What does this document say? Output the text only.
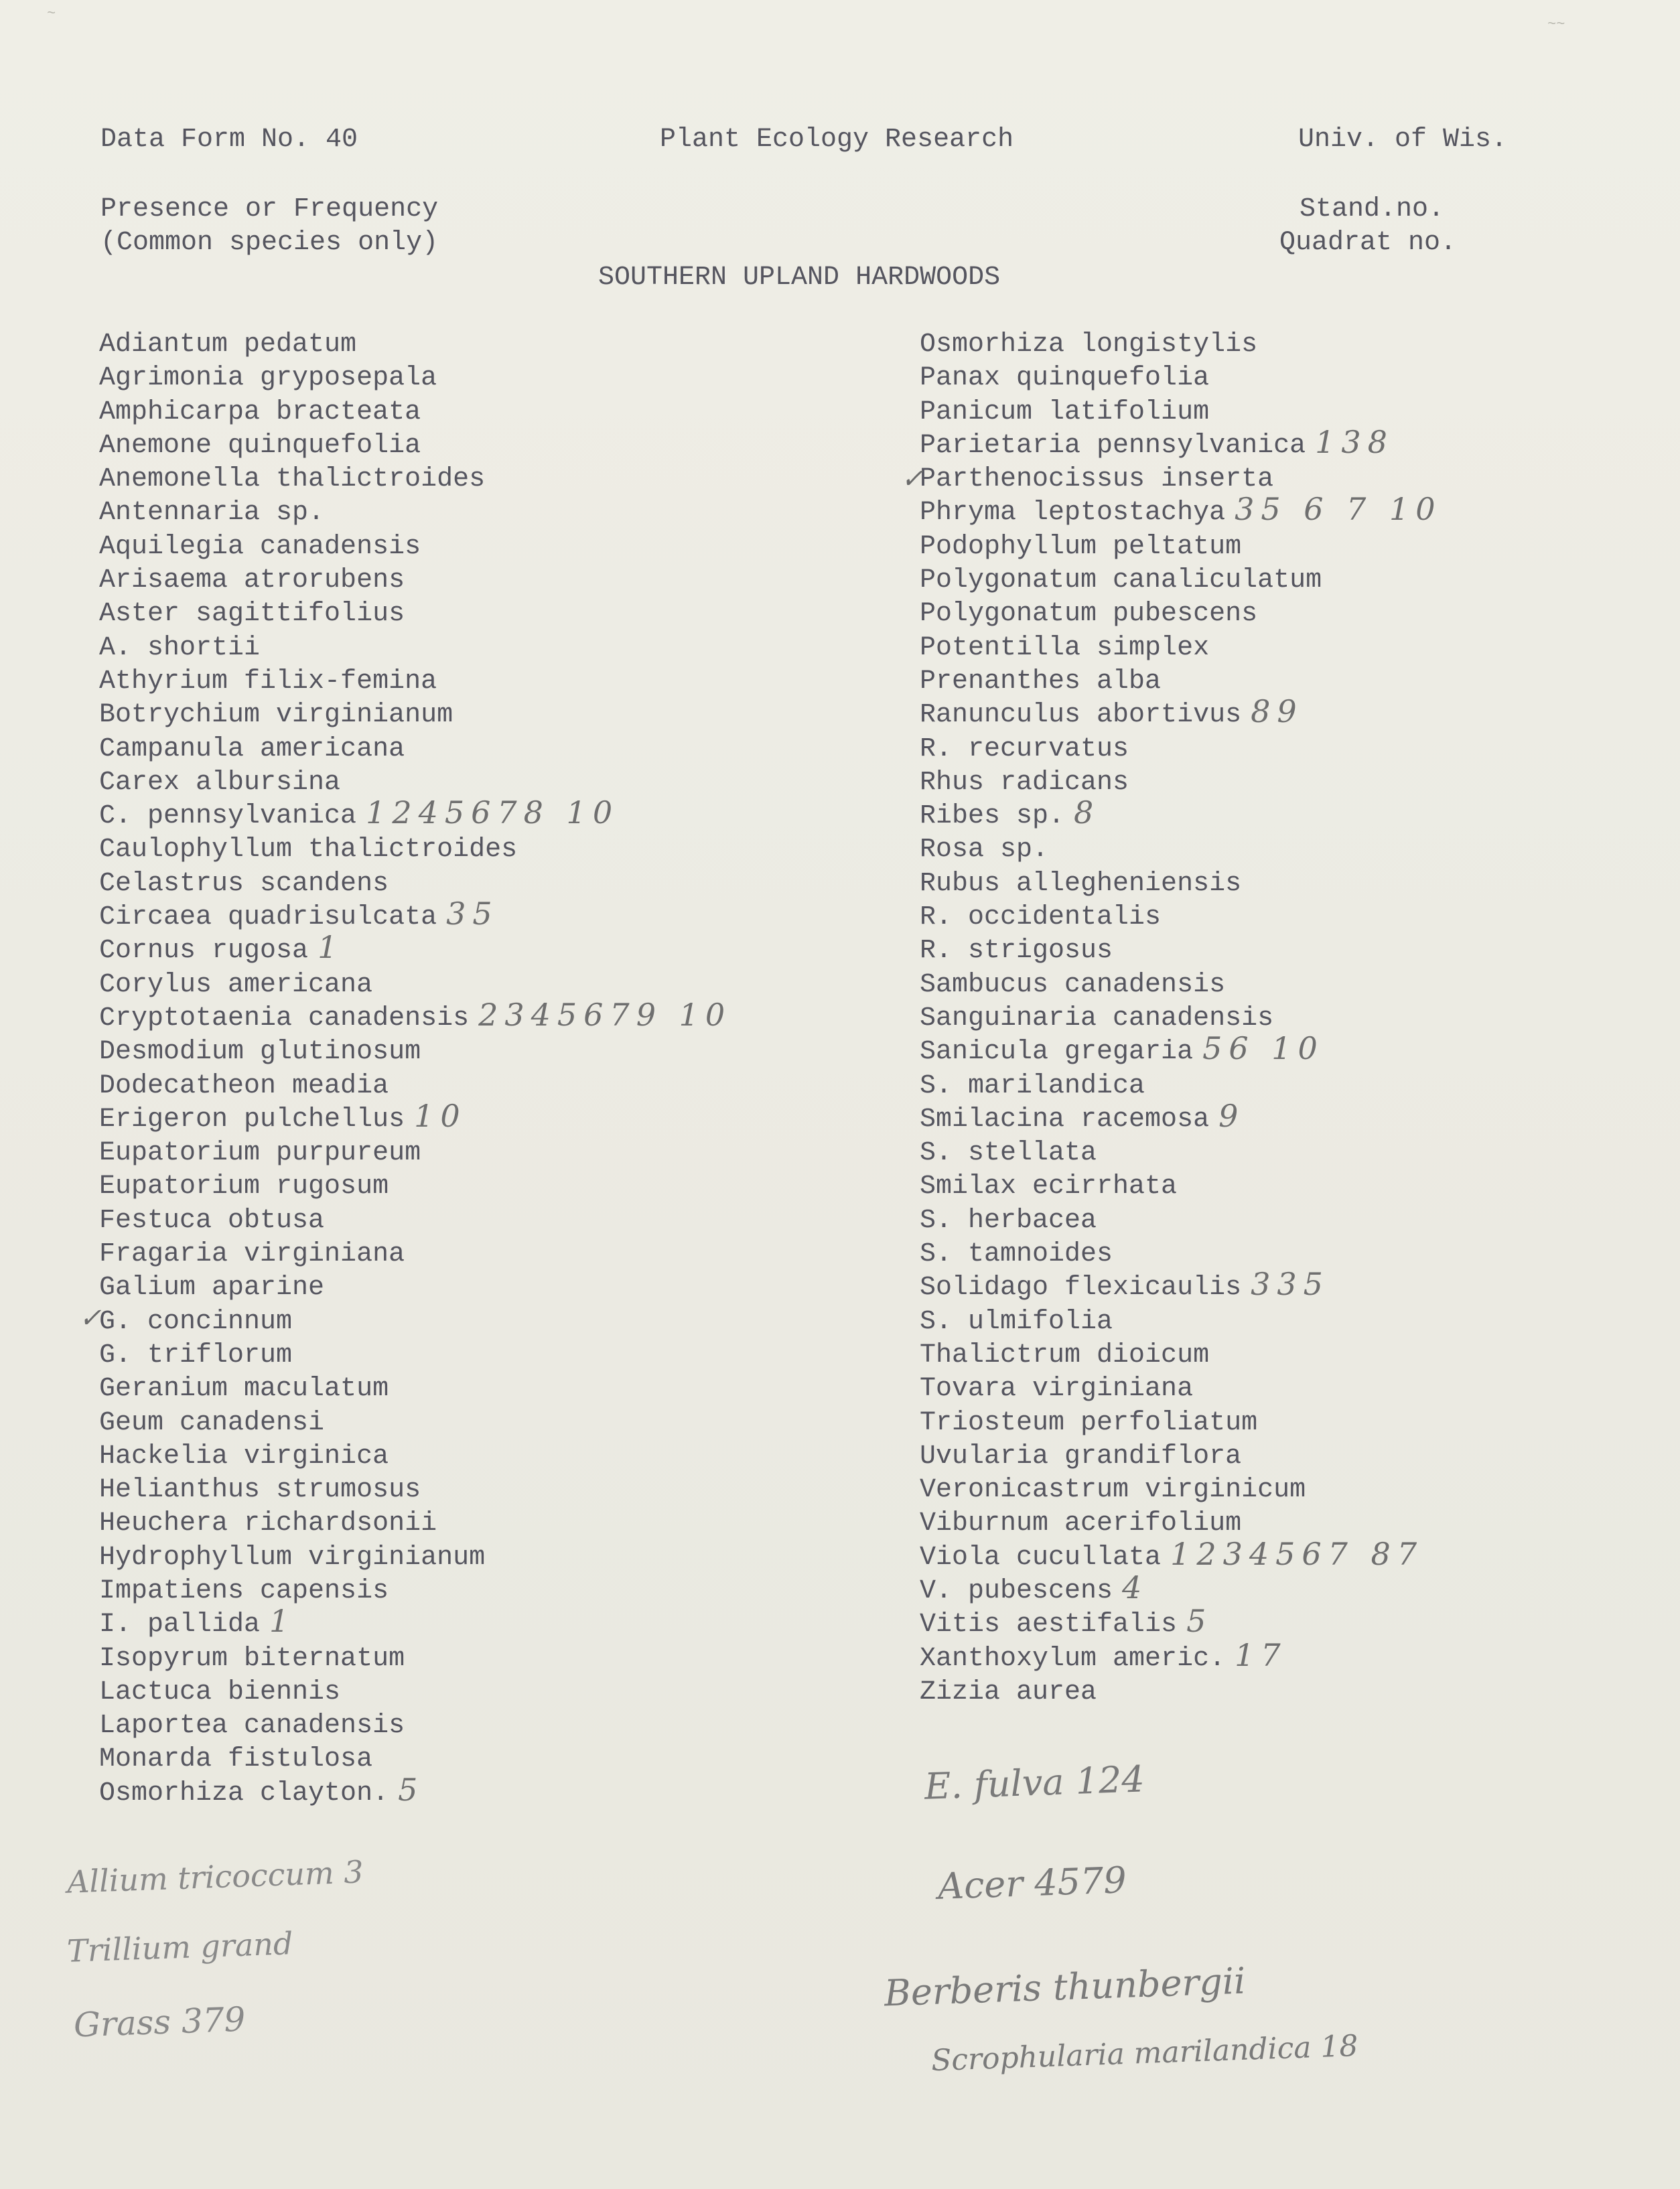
~
~~
Data Form No. 40	Plant Ecology Research	Univ. of Wis.
Presence or Frequency
(Common species only)
Stand.no.
Quadrat no.
SOUTHERN UPLAND HARDWOODS
Adiantum pedatum
Agrimonia gryposepala
Amphicarpa bracteata
Anemone quinquefolia
Anemonella thalictroides
Antennaria sp.
Aquilegia canadensis
Arisaema atrorubens
Aster sagittifolius
A. shortii
Athyrium filix-femina
Botrychium virginianum
Campanula americana
Carex albursina
C. pennsylvanica 1245678 10
Caulophyllum thalictroides
Celastrus scandens
Circaea quadrisulcata 35
Cornus rugosa 1
Corylus americana
Cryptotaenia canadensis 2345679 10
Desmodium glutinosum
Dodecatheon meadia
Erigeron pulchellus 10
Eupatorium purpureum
Eupatorium rugosum
Festuca obtusa
Fragaria virginiana
Galium aparine
G. concinnum
G. triflorum
Geranium maculatum
Geum canadensi
Hackelia virginica
Helianthus strumosus
Heuchera richardsonii
Hydrophyllum virginianum
Impatiens capensis
I. pallida 1
Isopyrum biternatum
Lactuca biennis
Laportea canadensis
Monarda fistulosa
Osmorhiza clayton. 5
Osmorhiza longistylis
Panax quinquefolia
Panicum latifolium
Parietaria pennsylvanica 138
Parthenocissus inserta
Phryma leptostachya 35 6 7 10
Podophyllum peltatum
Polygonatum canaliculatum
Polygonatum pubescens
Potentilla simplex
Prenanthes alba
Ranunculus abortivus 89
R. recurvatus
Rhus radicans
Ribes sp. 8
Rosa sp.
Rubus allegheniensis
R. occidentalis
R. strigosus
Sambucus canadensis
Sanguinaria canadensis
Sanicula gregaria 56 10
S. marilandica
Smilacina racemosa 9
S. stellata
Smilax ecirrhata
S. herbacea
S. tamnoides
Solidago flexicaulis 335
S. ulmifolia
Thalictrum dioicum
Tovara virginiana
Triosteum perfoliatum
Uvularia grandiflora
Veronicastrum virginicum
Viburnum acerifolium
Viola cucullata 1234567 87
V. pubescens 4
Vitis aestifalis 5
Xanthoxylum americ. 17
Zizia aurea
✓
✓
E. fulva 124
Acer 4579
Berberis thunbergii
Scrophularia marilandica 18
Allium tricoccum 3
Trillium grand
Grass 379
